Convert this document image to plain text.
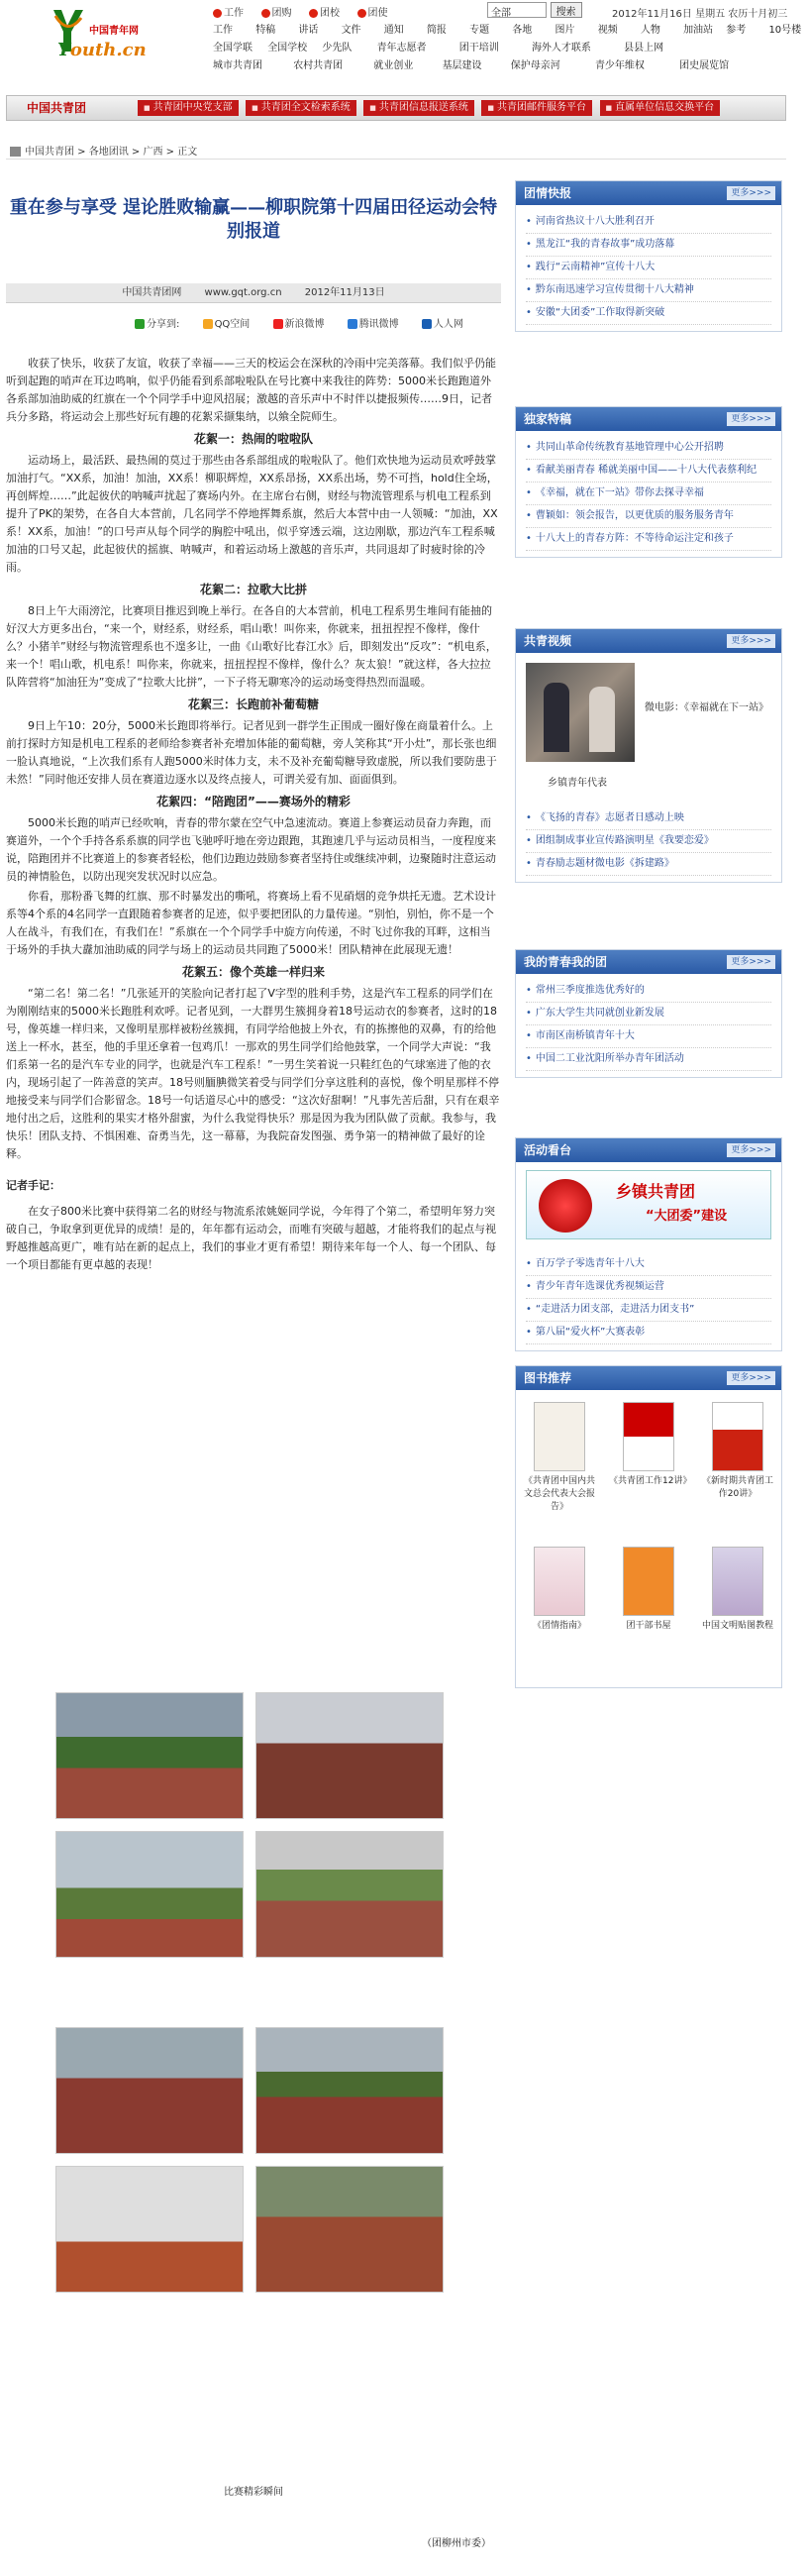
中国青年网
Youth.cn
工作	团购	团校	团使	全部	搜索	2012年11月16日 星期五 农历十月初三
工作 特稿 讲话 文件 通知 简报 专题 各地 图片 视频 人物 加油站 参考 10号楼
全国学联 全国学校 少先队	青年志愿者	团干培训	海外人才联系	县县上网
城市共青团	农村共青团	就业创业	基层建设	保护母亲河	青少年维权	团史展览馆
中国共青团	■ 共青团中央党支部	■ 共青团全文检索系统	■ 共青团信息报送系统	■ 共青团邮件服务平台	■ 直属单位信息交换平台
中国共青团 > 各地团讯 > 广西 > 正文
重在参与享受 逞论胜败输赢——柳职院第十四届田径运动会特别报道
中国共青团网 www.gqt.org.cn 2012年11月13日
分享到:	QQ空间	新浪微博	腾讯微博	人人网

收获了快乐，收获了友谊，收获了幸福——三天的校运会在深秋的冷雨中完美落幕。我们似乎仍能听到起跑的哨声在耳边鸣响，似乎仍能看到系部啦啦队在号比赛中来我往的阵势：5000米长跑跑道外各系部加油助威的红旗在一个个同学手中迎风招展；激越的音乐声中不时伴以捷报频传……9日，记者兵分多路，将运动会上那些好玩有趣的花絮采撷集纳，以飨全院师生。

花絮一：热闹的啦啦队

运动场上，最活跃、最热闹的莫过于那些由各系部组成的啦啦队了。他们欢快地为运动员欢呼鼓掌加油打气。“XX系，加油！加油，XX系！柳职辉煌，XX系昂扬，XX系出场，势不可挡，hold住全场，再创辉煌……”此起彼伏的呐喊声扰起了赛场内外。在主席台右侧，财经与物流管理系与机电工程系到提升了PK的架势，在各自大本营前，几名同学不停地挥舞系旗，然后大本营中由一人领喊：“加油，XX系！XX系，加油！”的口号声从每个同学的胸腔中吼出，似乎穿透云端，这边刚歇，那边汽车工程系喊加油的口号又起，此起彼伏的摇旗、呐喊声，和着运动场上激越的音乐声，共同退却了时疲时徐的冷雨。

花絮二：拉歌大比拼

8日上午大雨滂沱，比赛项目推迟到晚上举行。在各自的大本营前，机电工程系男生堆间有能抽的好汉大方更多出台，“来一个，财经系，财经系，唱山歌！叫你来，你就来，扭扭捏捏不像样，像什么？小猪羊”财经与物流管理系也不遑多让，一曲《山歌好比春江水》后，即刻发出“反攻”：“机电系，来一个！唱山歌，机电系！叫你来，你就来，扭扭捏捏不像样，像什么？灰太狼！”就这样，各大拉拉队阵营将“加油狂为”变成了“拉歌大比拼”，一下子将无聊寒冷的运动场变得热烈而温暖。

花絮三：长跑前补葡萄糖

9日上午10：20分，5000米长跑即将举行。记者见到一群学生正围成一圈好像在商量着什么。上前打探时方知是机电工程系的老师给参赛者补充增加体能的葡萄糖，旁人笑称其“开小灶”，那长张也细一脸认真地说，“上次我们系有人跑5000米时体力支，未不及补充葡萄糖导致虚脱，所以我们要防患于未然！”同时他还安排人员在赛道边逐水以及终点接人，可谓关爱有加、面面俱到。

花絮四：“陪跑团”——赛场外的精彩

5000米长跑的哨声已经吹响，青春的带尔蒙在空气中急速流动。赛道上参赛运动员奋力奔跑，而赛道外，一个个手持各系系旗的同学也飞驰呼吁地在旁边跟跑，其跑速几乎与运动员相当，一度程度来说，陪跑团并不比赛道上的参赛者轻松，他们边跑边鼓励参赛者坚持住或继续冲刺，边聚随时注意运动员的神情脸色，以防出现突发状况时以应急。

你看，那粉番飞舞的红旗、那不时暴发出的嘶吼，将赛场上看不见硝烟的竞争烘托无遗。艺术设计系等4个系的4名同学一直跟随着参赛者的足迹，似乎要把团队的力量传递。“别怕，别怕，你不是一个人在战斗，有我们在，有我们在！”系旗在一个个同学手中旋方向传递，不时飞过你我的耳畔，这相当于场外的手执大纛加油助威的同学与场上的运动员共同跑了5000米！团队精神在此展现无遗！

花絮五：像个英雄一样归来

“第二名！第二名！”几张延开的笑脸向记者打起了V字型的胜利手势，这是汽车工程系的同学们在为刚刚结束的5000米长跑胜利欢呼。记者见到，一大群男生簇拥身着18号运动衣的参赛者，这时的18号，像英雄一样归来，又像明星那样被粉丝簇拥，有同学给他披上外衣，有的拣擦他的双鼻，有的给他送上一杯水，甚至，他的手里还拿着一包鸡爪！一那欢的男生同学们给他鼓掌，一个同学大声说：“我们系第一名的是汽车专业的同学，也就是汽车工程系！”一男生笑着说一只鞋红色的气球塞进了他的衣内，现场引起了一阵善意的笑声。18号则腼腆微笑着受与同学们分享这胜利的喜悦，像个明星那样不停地接受来与同学们合影留念。18号一句话道尽心中的感受：“这次好甜啊！”凡事先苦后甜，只有在艰辛地付出之后，这胜利的果实才格外甜蜜，为什么我觉得快乐？那是因为我为团队做了贡献。我参与，我快乐！团队支持、不惧困难、奋勇当先，这一幕幕，为我院奋发图强、勇争第一的精神做了最好的诠释。

记者手记：

在女子800米比赛中获得第二名的财经与物流系浓姚姬同学说，今年得了个第二，希望明年努力突破自己，争取拿到更优异的成绩！是的，年年都有运动会，而唯有突破与超越，才能将我们的起点与视野越推越高更广，唯有站在新的起点上，我们的事业才更有希望！期待来年每一个人、每一个团队、每一个项目都能有更卓越的表现！

比赛精彩瞬间
（团柳州市委）
团情快报	更多>>>
• 河南省热议十八大胜利召开
• 黑龙江“我的青春故事”成功落幕
• 践行“云南精神”宣传十八大
• 黔东南迅速学习宣传贯彻十八大精神
• 安徽“大团委”工作取得新突破
独家特稿	更多>>>
• 共同山革命传统教育基地管理中心公开招聘
• 看献美丽青春 稀就美丽中国——十八大代表蔡利纪
• 《幸福，就在下一站》带你去探寻幸福
• 曹颖如：领会报告，以更优质的服务服务青年
• 十八大上的青春方阵：不等待命运注定和孩子
共青视频	更多>>>
乡镇青年代表
微电影：《幸福就在下一站》
• 《飞扬的青春》志愿者日感动上映
• 团组制成事业宣传路演明星《我要恋爱》
• 青春励志题材微电影《拆建路》
我的青春我的团	更多>>>
• 常州三季度推选优秀好的
• 广东大学生共同就创业新发展
• 市南区南桥镇青年十大
• 中国二工业沈阳所举办青年团活动
活动看台	更多>>>
乡镇共青团
“大团委”建设
• 百万学子零选青年十八大
• 青少年青年选课优秀视频运营
• “走进活力团支部，走进活力团支书”
• 第八届“爱火杯”大赛表彰
图书推荐	更多>>>
《共青团中国内共文总会代表大会报告》
《共青团工作12讲》	《新时期共青团工作20讲》
《团情指南》	团干部书屋	中国文明贴图教程
